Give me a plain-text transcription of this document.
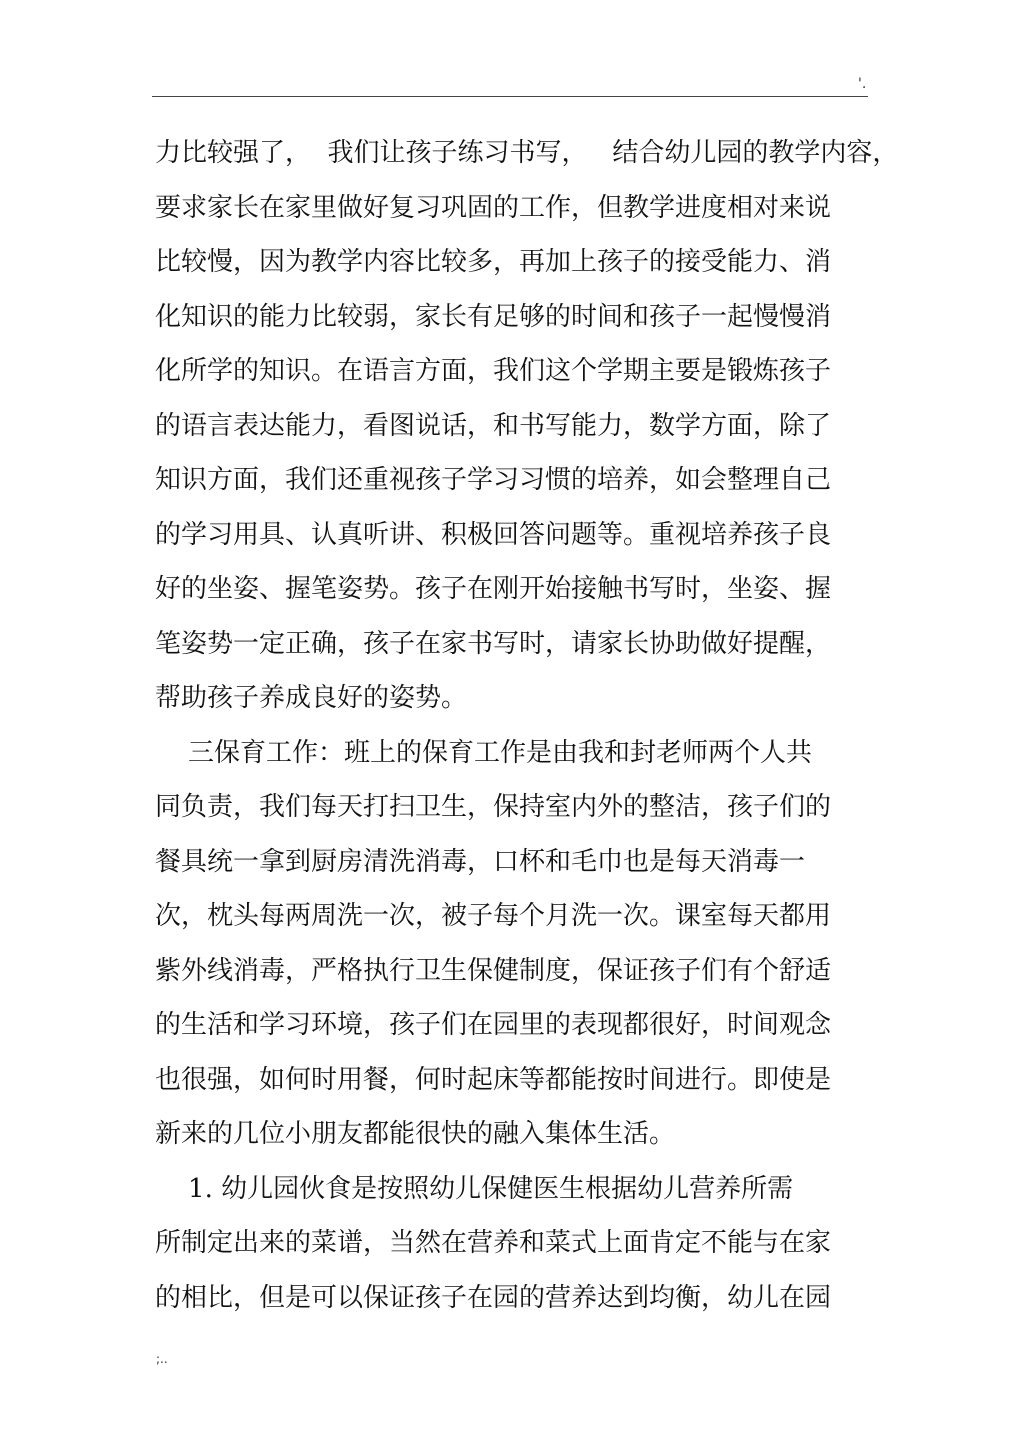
'.
力比较强了，  我们让孩子练习书写，   结合幼儿园的教学内容，
要求家长在家里做好复习巩固的工作，但教学进度相对来说
比较慢，因为教学内容比较多，再加上孩子的接受能力、消
化知识的能力比较弱，家长有足够的时间和孩子一起慢慢消
化所学的知识。在语言方面，我们这个学期主要是锻炼孩子
的语言表达能力，看图说话，和书写能力，数学方面，除了
知识方面，我们还重视孩子学习习惯的培养，如会整理自己
的学习用具、认真听讲、积极回答问题等。重视培养孩子良
好的坐姿、握笔姿势。孩子在刚开始接触书写时，坐姿、握
笔姿势一定正确，孩子在家书写时，请家长协助做好提醒，
帮助孩子养成良好的姿势。
三保育工作：班上的保育工作是由我和封老师两个人共
同负责，我们每天打扫卫生，保持室内外的整洁，孩子们的
餐具统一拿到厨房清洗消毒，口杯和毛巾也是每天消毒一
次，枕头每两周洗一次，被子每个月洗一次。课室每天都用
紫外线消毒，严格执行卫生保健制度，保证孩子们有个舒适
的生活和学习环境，孩子们在园里的表现都很好，时间观念
也很强，如何时用餐，何时起床等都能按时间进行。即使是
新来的几位小朋友都能很快的融入集体生活。
1. 幼儿园伙食是按照幼儿保健医生根据幼儿营养所需
所制定出来的菜谱，当然在营养和菜式上面肯定不能与在家
的相比，但是可以保证孩子在园的营养达到均衡，幼儿在园
;..
